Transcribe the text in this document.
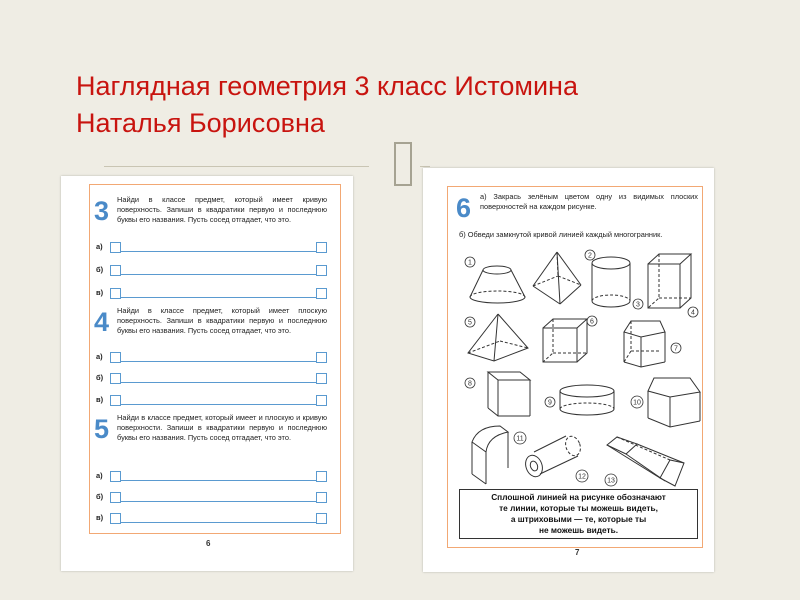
Наглядная геометрия 3 класс Истомина
Наталья Борисовна
3 Найди в классе предмет, который имеет кривую поверхность. Запиши в квадратики первую и последнюю буквы его названия. Пусть сосед отгадает, что это.
а)
б)
в)
4 Найди в классе предмет, который имеет плоскую поверхность. Запиши в квадратики первую и последнюю буквы его названия. Пусть сосед отгадает, что это.
а)
б)
в)
5 Найди в классе предмет, который имеет и плоскую и кривую поверхности. Запиши в квадратики первую и последнюю буквы его названия. Пусть сосед отгадает, что это.
а)
б)
в)
6
6 а) Закрась зелёным цветом одну из видимых плоских поверхностей на каждом рисунке.
б) Обведи замкнутой кривой линией каждый многогранник.
7
1
2
3
4
5	6
7
8
9	10
11
12
13
Сплошной линией на рисунке обозначают
те линии, которые ты можешь видеть,
а штриховыми — те, которые ты
не можешь видеть.
